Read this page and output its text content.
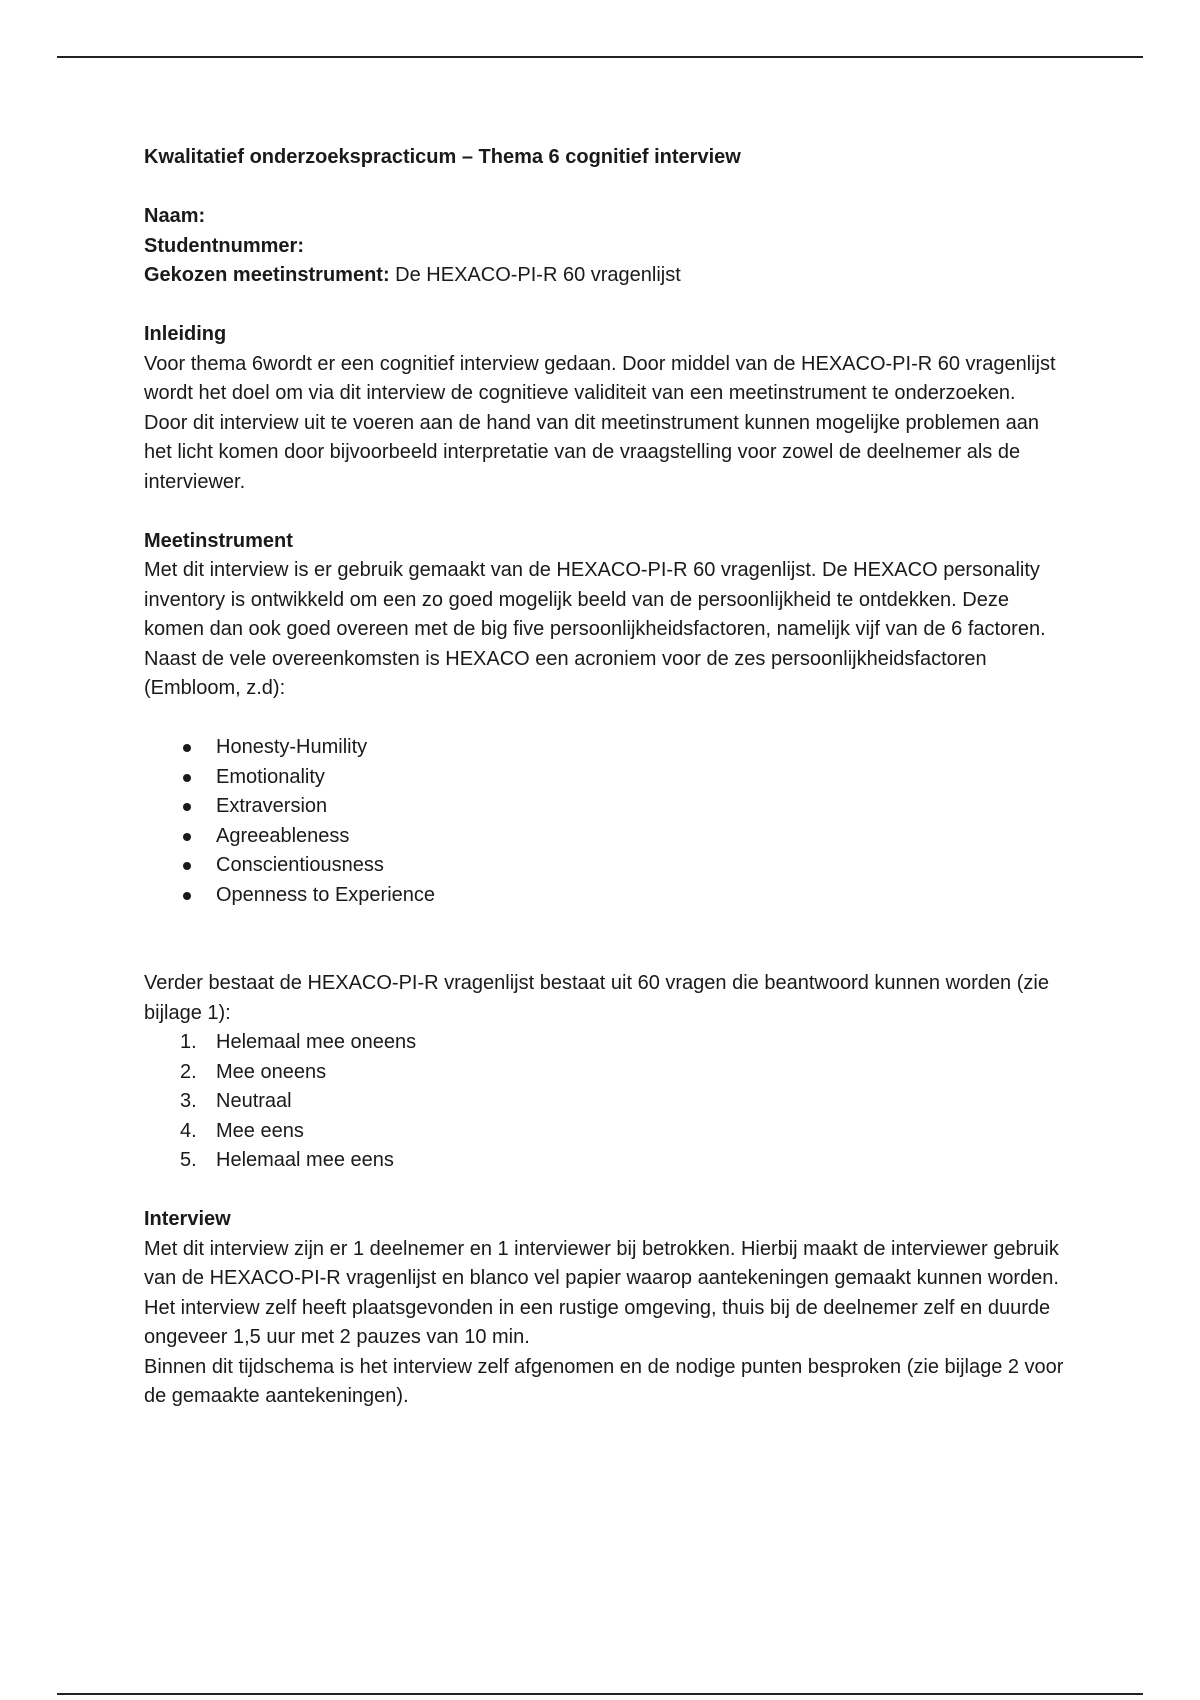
Kwalitatief onderzoekspracticum – Thema 6 cognitief interview

Naam:

Studentnummer:

Gekozen meetinstrument: De HEXACO-PI-R 60 vragenlijst

Inleiding

Voor thema 6wordt er een cognitief interview gedaan. Door middel van de HEXACO-PI-R 60 vragenlijst wordt het doel om via dit interview de cognitieve validiteit van een meetinstrument te onderzoeken. Door dit interview uit te voeren aan de hand van dit meetinstrument kunnen mogelijke problemen aan het licht komen door bijvoorbeeld interpretatie van de vraagstelling voor zowel de deelnemer als de interviewer.

Meetinstrument

Met dit interview is er gebruik gemaakt van de HEXACO-PI-R 60 vragenlijst. De HEXACO personality inventory is ontwikkeld om een zo goed mogelijk beeld van de persoonlijkheid te ontdekken. Deze komen dan ook goed overeen met de big five persoonlijkheidsfactoren, namelijk vijf van de 6 factoren.

Naast de vele overeenkomsten is HEXACO een acroniem voor de zes persoonlijkheidsfactoren (Embloom, z.d):

Honesty-Humility
Emotionality
Extraversion
Agreeableness
Conscientiousness
Openness to Experience

Verder bestaat de HEXACO-PI-R vragenlijst bestaat uit 60 vragen die beantwoord kunnen worden (zie bijlage 1):

1. Helemaal mee oneens
2. Mee oneens
3. Neutraal
4. Mee eens
5. Helemaal mee eens

Interview

Met dit interview zijn er 1 deelnemer en 1 interviewer bij betrokken. Hierbij maakt de interviewer gebruik van de HEXACO-PI-R vragenlijst en blanco vel papier waarop aantekeningen gemaakt kunnen worden.

Het interview zelf heeft plaatsgevonden in een rustige omgeving, thuis bij de deelnemer zelf en duurde ongeveer 1,5 uur met 2 pauzes van 10 min.

Binnen dit tijdschema is het interview zelf afgenomen en de nodige punten besproken (zie bijlage 2 voor de gemaakte aantekeningen).
